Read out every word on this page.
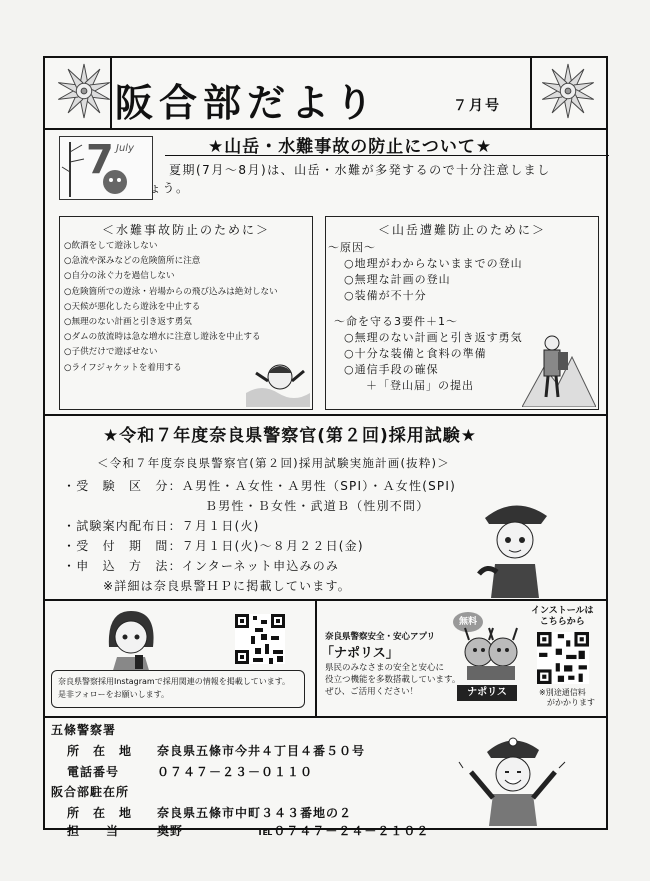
阪合部だより	７月号
★山岳・水難事故の防止について★
7 July
夏期(7月～8月)は、山岳・水難が多発するので十分注意しまし
ょう。
＜水難事故防止のために＞
○飲酒をして遊泳しない
○急流や深みなどの危険箇所に注意
○自分の泳ぐ力を過信しない
○危険箇所での遊泳・岩場からの飛び込みは絶対しない
○天候が悪化したら遊泳を中止する
○無理のない計画と引き返す勇気
○ダムの放流時は急な増水に注意し遊泳を中止する
○子供だけで遊ばせない
○ライフジャケットを着用する
＜山岳遭難防止のために＞
～原因～
○地理がわからないままでの登山
○無理な計画の登山
○装備が不十分
～命を守る3要件＋1～
○無理のない計画と引き返す勇気
○十分な装備と食料の準備
○通信手段の確保
＋「登山届」の提出
★令和７年度奈良県警察官(第２回)採用試験★
＜令和７年度奈良県警察官(第２回)採用試験実施計画(抜粋)＞
・受　験　区　分：Ａ男性・Ａ女性・Ａ男性（SPI）・Ａ女性(SPI)
Ｂ男性・Ｂ女性・武道Ｂ（性別不問）
・試験案内配布日：７月１日(火)
・受　付　期　間：７月１日(火)～８月２２日(金)
・申　込　方　法：インターネット申込みのみ
※詳細は奈良県警ＨＰに掲載しています。
奈良県警察採用Instagramで採用関連の情報を掲載しています。
是非フォローをお願いします。
奈良県警察安全・安心アプリ
「ナポリス」
無料
ナポリス
県民のみなさまの安全と安心に
役立つ機能を多数搭載しています。
ぜひ、ご活用ください！
インストールは
こちらから
※別途通信料
がかかります
五條警察署
所　在　地 奈良県五條市今井４丁目４番５０号
電話番号	０７４７－２３－０１１０
阪合部駐在所
所　在　地 奈良県五條市中町３４３番地の２
担　　当	奥野	℡０７４７－２４－２１０２
